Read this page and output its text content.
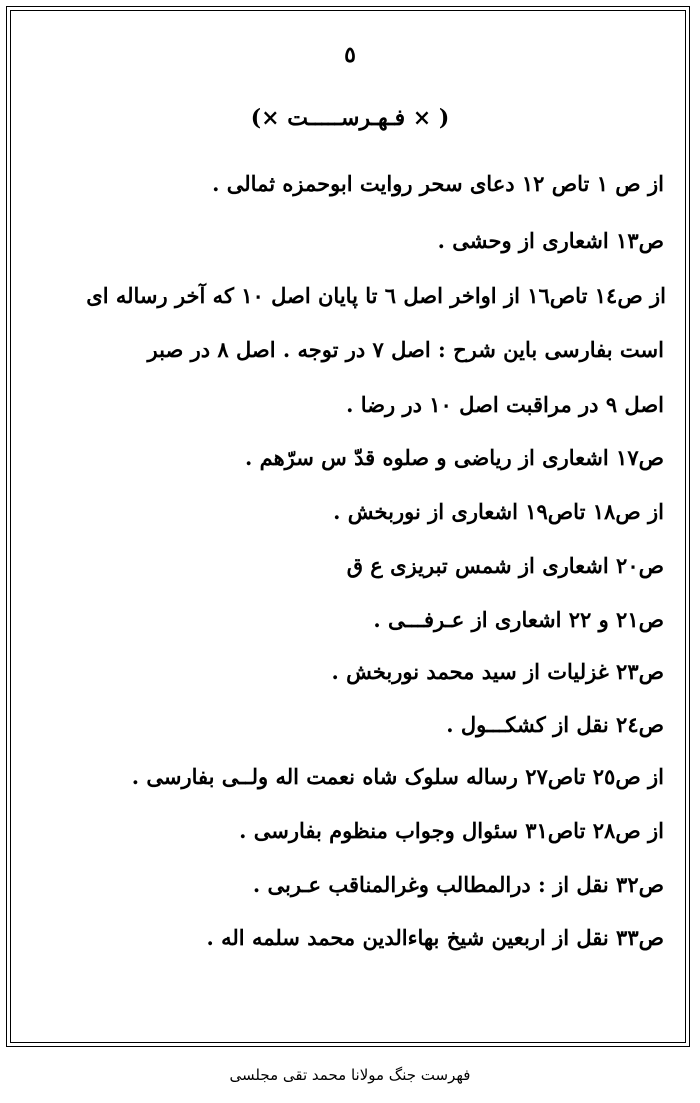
٥
( × فـهـرســـــت ×)
از ص ١ تاص ١٢ دعای سحر روایت ابوحمزه ثمالی .
ص١٣ اشعاری از وحشی .
از ص١٤ تاص١٦ از اواخر اصل ٦ تا پایان اصل ١٠ که آخر رساله ای
است بفارسی باین شرح : اصل ٧ در توجه . اصل ٨ در صبر
اصل ٩ در مراقبت اصل ١٠ در رضا .
ص١٧ اشعاری از ریاضی و صلوه قدّ س سرّهم .
از ص١٨ تاص١٩ اشعاری از نوربخش .
ص٢٠ اشعاری از شمس تبریزی ع ق
ص٢١ و ٢٢ اشعاری از عـرفـــی .
ص٢٣ غزلیات از سید محمد نوربخش .
ص٢٤ نقل از کشکـــول .
از ص٢٥ تاص٢٧ رساله سلوک شاه نعمت اله ولــی بفارسی .
از ص٢٨ تاص٣١ سئوال وجواب منظوم بفارسی .
ص٣٢ نقل از : درالمطالب وغرالمناقب عـربی .
ص٣٣ نقل از اربعین شیخ بهاءالدین محمد سلمه اله .
فهرست جنگ مولانا محمد تقی مجلسی
